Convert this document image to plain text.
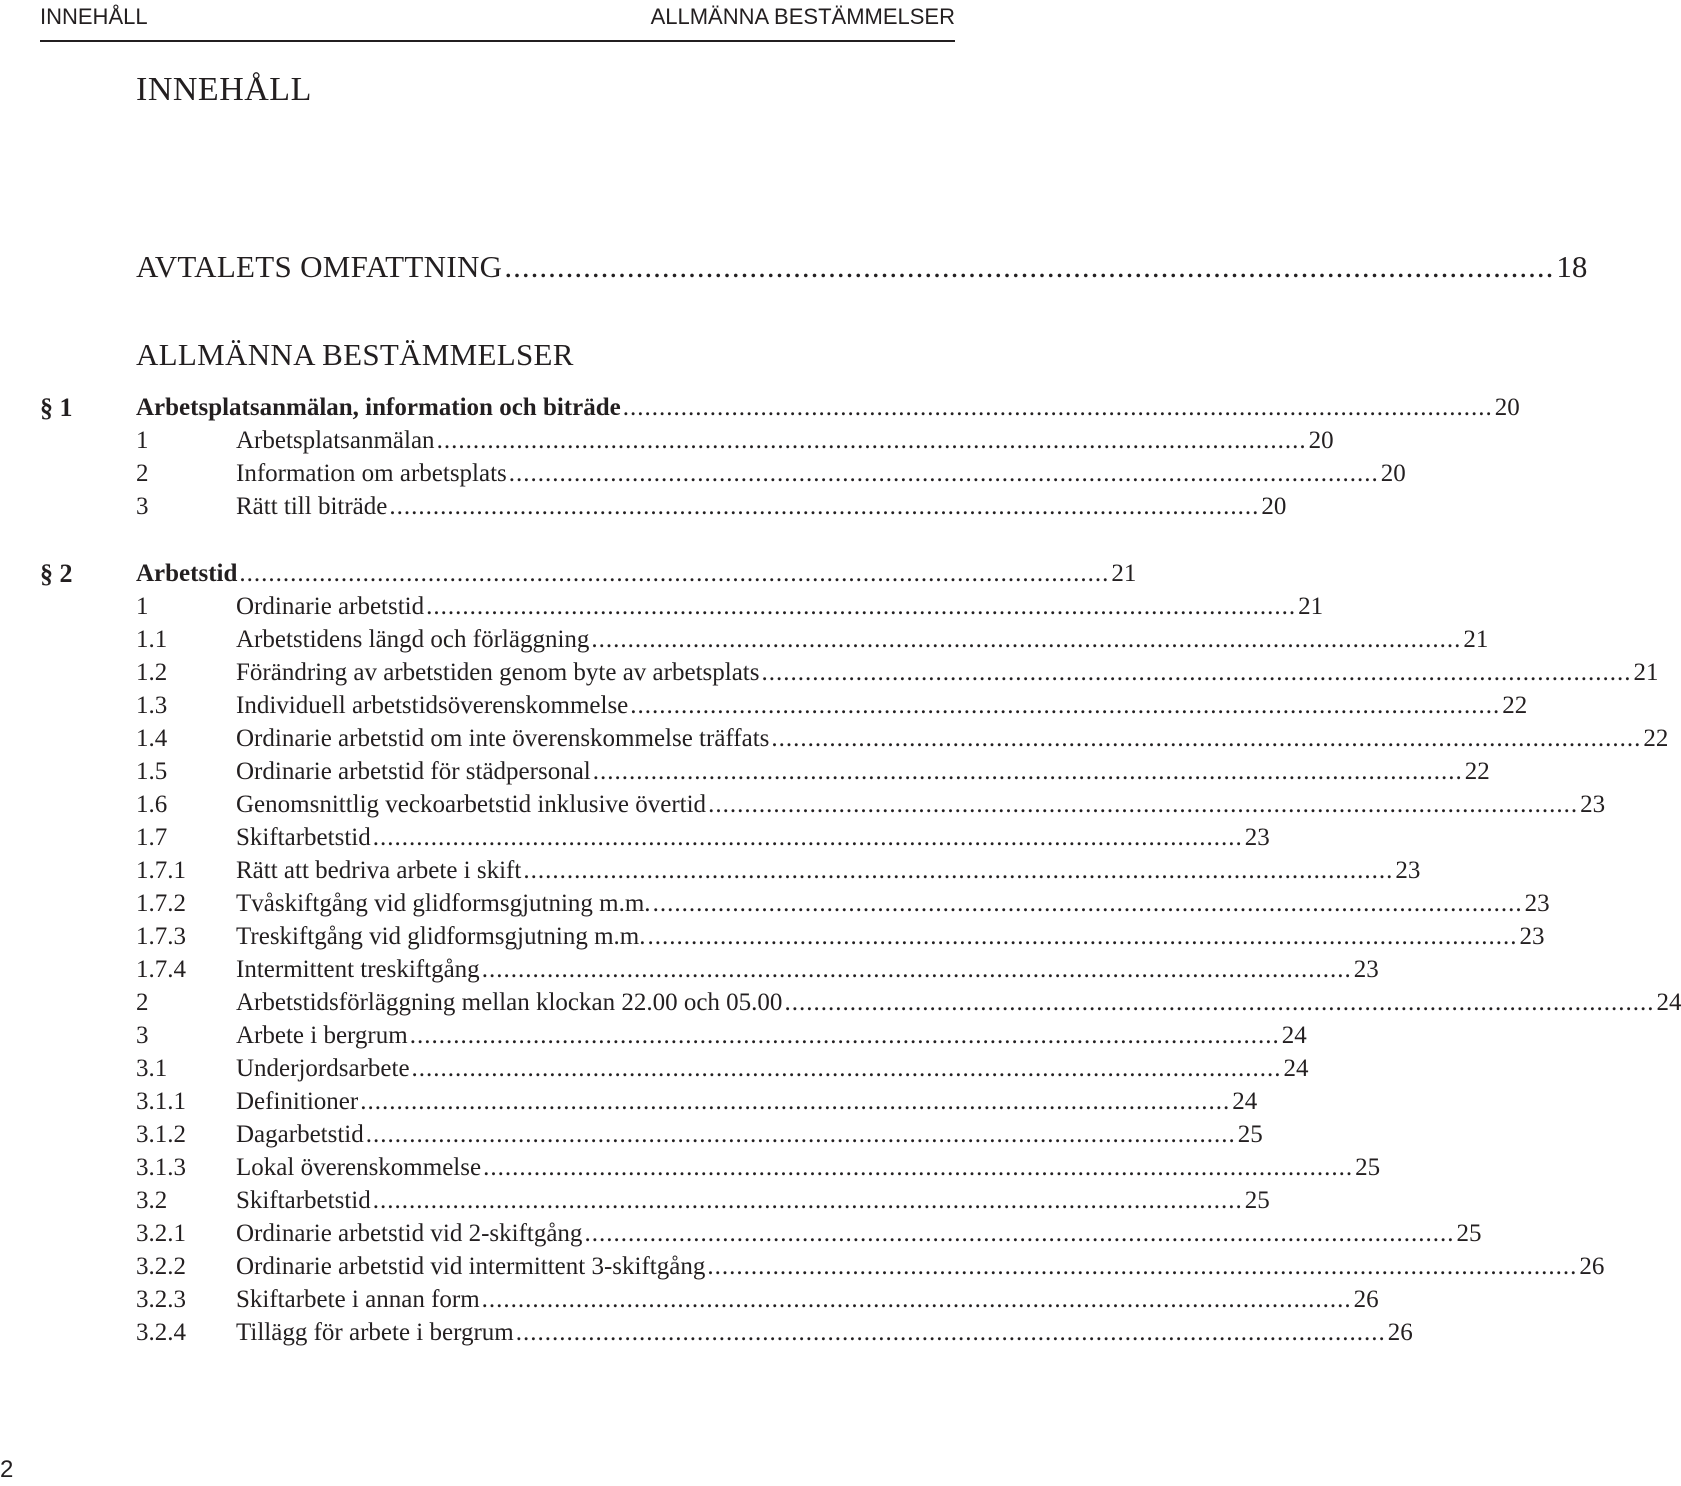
INNEHÅLL	ALLMÄNNA BESTÄMMELSER
INNEHÅLL
AVTALETS OMFATTNING ........................................................................................................................ 18
ALLMÄNNA BESTÄMMELSER
§ 1	Arbetsplatsanmälan, information och biträde ........................................................................................................................ 20
1	Arbetsplatsanmälan ........................................................................................................................ 20
2	Information om arbetsplats ........................................................................................................................ 20
3	Rätt till biträde ........................................................................................................................ 20
§ 2	Arbetstid ........................................................................................................................ 21
1	Ordinarie arbetstid ........................................................................................................................ 21
1.1	Arbetstidens längd och förläggning ........................................................................................................................ 21
1.2	Förändring av arbetstiden genom byte av arbetsplats ........................................................................................................................ 21
1.3	Individuell arbetstidsöverenskommelse ........................................................................................................................ 22
1.4	Ordinarie arbetstid om inte överenskommelse träffats ........................................................................................................................ 22
1.5	Ordinarie arbetstid för städpersonal ........................................................................................................................ 22
1.6	Genomsnittlig veckoarbetstid inklusive övertid ........................................................................................................................ 23
1.7	Skiftarbetstid ........................................................................................................................ 23
1.7.1 Rätt att bedriva arbete i skift ........................................................................................................................ 23
1.7.2 Tvåskiftgång vid glidformsgjutning m.m. ........................................................................................................................ 23
1.7.3 Treskiftgång vid glidformsgjutning m.m. ........................................................................................................................ 23
1.7.4 Intermittent treskiftgång ........................................................................................................................ 23
2	Arbetstidsförläggning mellan klockan 22.00 och 05.00 ........................................................................................................................ 24
3	Arbete i bergrum ........................................................................................................................ 24
3.1	Underjordsarbete ........................................................................................................................ 24
3.1.1 Definitioner ........................................................................................................................ 24
3.1.2 Dagarbetstid ........................................................................................................................ 25
3.1.3 Lokal överenskommelse ........................................................................................................................ 25
3.2	Skiftarbetstid ........................................................................................................................ 25
3.2.1 Ordinarie arbetstid vid 2-skiftgång ........................................................................................................................ 25
3.2.2 Ordinarie arbetstid vid intermittent 3-skiftgång ........................................................................................................................ 26
3.2.3 Skiftarbete i annan form ........................................................................................................................ 26
3.2.4 Tillägg för arbete i bergrum ........................................................................................................................ 26
2
